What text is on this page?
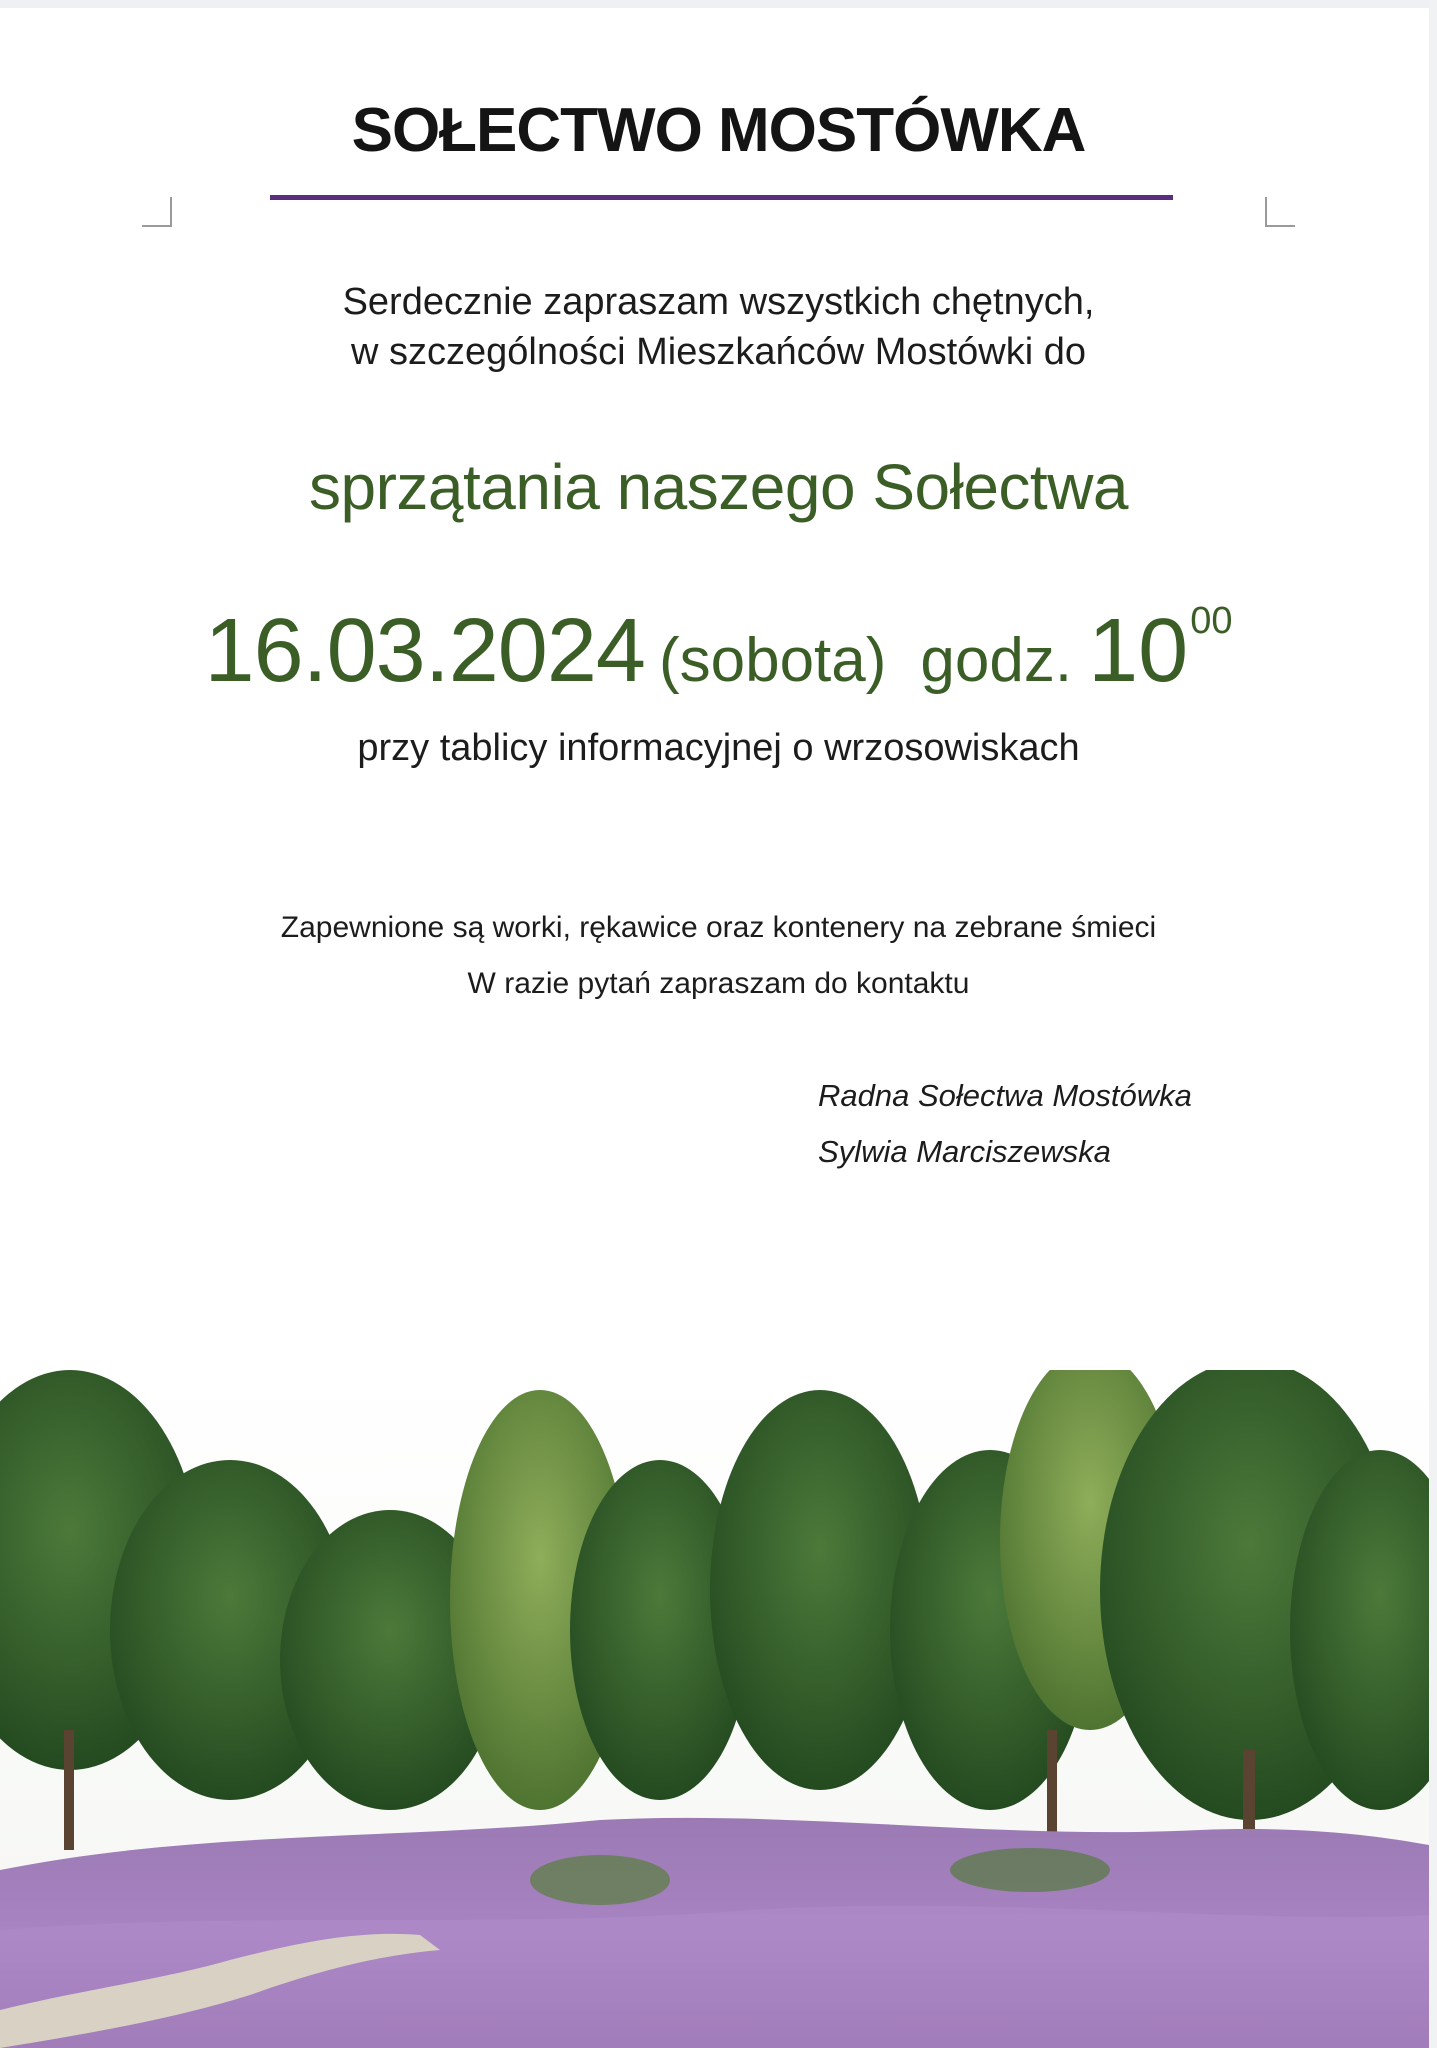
SOŁECTWO MOSTÓWKA
Serdecznie zapraszam wszystkich chętnych,
w szczególności Mieszkańców Mostówki do
sprzątania naszego Sołectwa
16.03.2024 (sobota) godz. $10^{00}$
przy tablicy informacyjnej o wrzosowiskach
Zapewnione są worki, rękawice oraz kontenery na zebrane śmieci
W razie pytań zapraszam do kontaktu
Radna Sołectwa Mostówka
Sylwia Marciszewska
